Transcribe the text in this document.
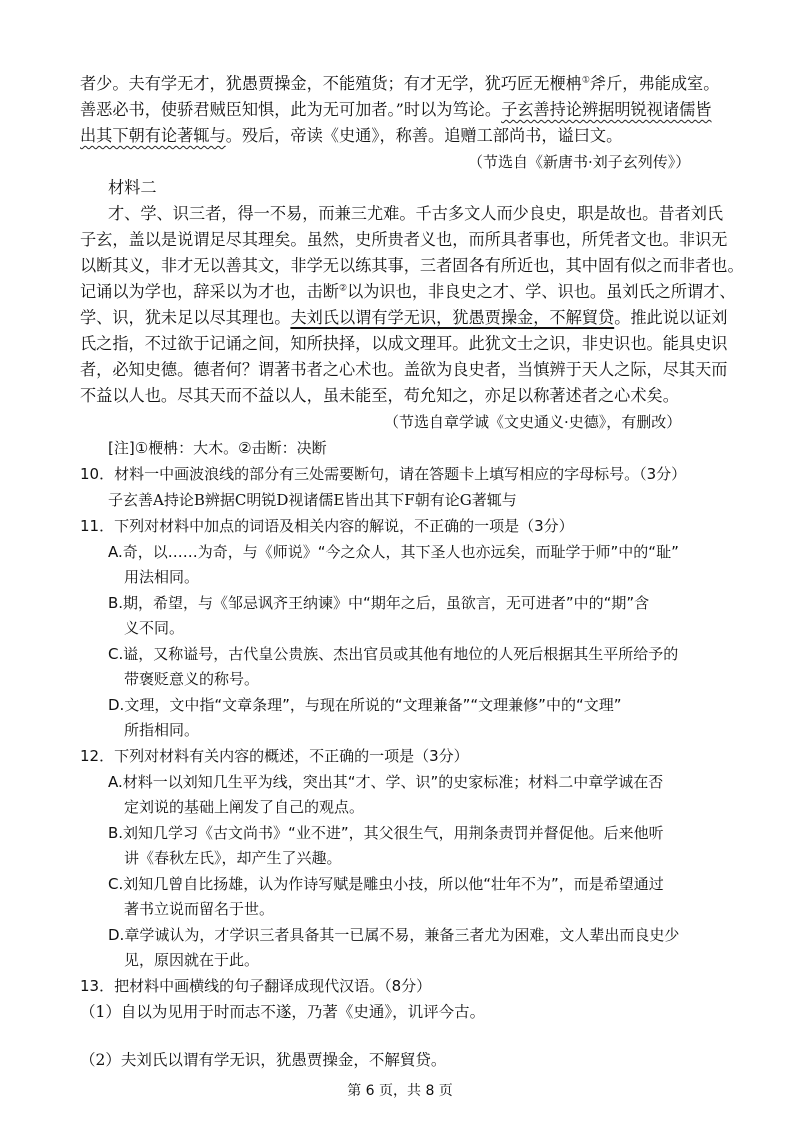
者少。夫有学无才，犹愚贾操金，不能殖货；有才无学，犹巧匠无楩柟①斧斤，弗能成室。
善恶必书，使骄君贼臣知惧，此为无可加者。”时以为笃论。子玄善持论辨据明锐视诸儒皆
出其下朝有论著辄与。殁后，帝读《史通》，称善。追赠工部尚书，谥曰文。
（节选自《新唐书·刘子玄列传》）
材料二
才、学、识三者，得一不易，而兼三尤难。千古多文人而少良史，职是故也。昔者刘氏
子玄，盖以是说谓足尽其理矣。虽然，史所贵者义也，而所具者事也，所凭者文也。非识无
以断其义，非才无以善其文，非学无以练其事，三者固各有所近也，其中固有似之而非者也。
记诵以为学也，辞采以为才也，击断②以为识也，非良史之才、学、识也。虽刘氏之所谓才、
学、识，犹未足以尽其理也。夫刘氏以谓有学无识，犹愚贾操金，不解貿贷。推此说以证刘
氏之指，不过欲于记诵之间，知所抉择，以成文理耳。此犹文士之识，非史识也。能具史识
者，必知史德。德者何？谓著书者之心术也。盖欲为良史者，当慎辨于天人之际，尽其天而
不益以人也。尽其天而不益以人，虽未能至，苟允知之，亦足以称著述者之心术矣。
（节选自章学诚《文史通义·史德》，有删改）
[注]①楩柟：大木。②击断：决断
10．材料一中画波浪线的部分有三处需要断句，请在答题卡上填写相应的字母标号。（3分）
子玄善A持论B辨据C明锐D视诸儒E皆出其下F朝有论G著辄与
11．下列对材料中加点的词语及相关内容的解说，不正确的一项是（3分）
A.奇，以……为奇，与《师说》“今之众人，其下圣人也亦远矣，而耻学于师”中的“耻”
用法相同。
B.期，希望，与《邹忌讽齐王纳谏》中“期年之后，虽欲言，无可进者”中的“期”含
义不同。
C.谥，又称谥号，古代皇公贵族、杰出官员或其他有地位的人死后根据其生平所给予的
带褒贬意义的称号。
D.文理，文中指“文章条理”，与现在所说的“文理兼备”“文理兼修”中的“文理”
所指相同。
12．下列对材料有关内容的概述，不正确的一项是（3分）
A.材料一以刘知几生平为线，突出其“才、学、识”的史家标准；材料二中章学诚在否
定刘说的基础上阐发了自己的观点。
B.刘知几学习《古文尚书》“业不进”，其父很生气，用荆条责罚并督促他。后来他听
讲《春秋左氏》，却产生了兴趣。
C.刘知几曾自比扬雄，认为作诗写赋是雕虫小技，所以他“壮年不为”，而是希望通过
著书立说而留名于世。
D.章学诚认为，才学识三者具备其一已属不易，兼备三者尤为困难，文人辈出而良史少
见，原因就在于此。
13．把材料中画横线的句子翻译成现代汉语。（8分）
（1）自以为见用于时而志不遂，乃著《史通》，讥评今古。
（2）夫刘氏以谓有学无识，犹愚贾操金，不解貿贷。
第 6 页，共 8 页
